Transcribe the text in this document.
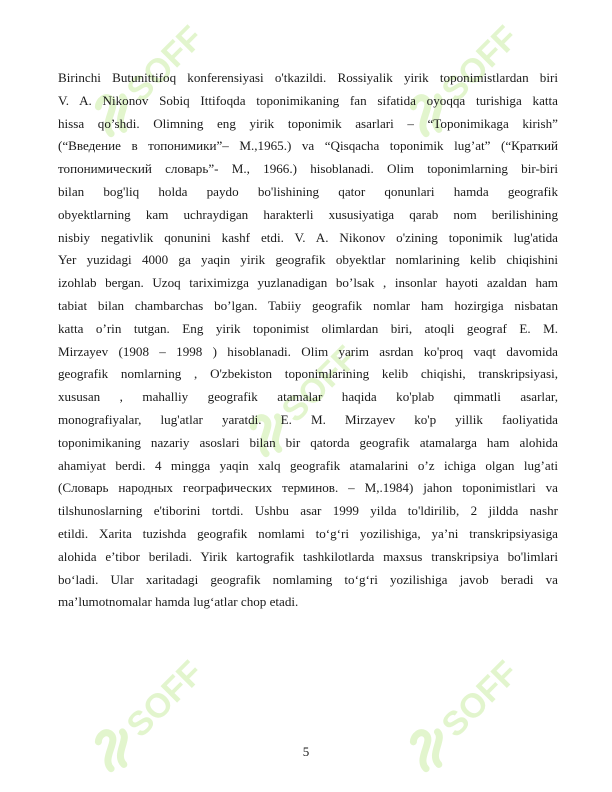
SOFF	SOFF
SOFF
SOFF	SOFF
Birinchi Butunittifoq konferensiyasi o'tkazildi. Rossiyalik yirik toponimistlardan biri
V. A. Nikonov Sobiq Ittifoqda toponimikaning fan sifatida oyoqqa turishiga katta
hissa qo’shdi. Olimning eng yirik toponimik asarlari – “Toponimikaga kirish”
(“Введение в топонимики”– M.,1965.) va “Qisqacha toponimik lug’at” (“Краткий
топонимический словарь”- M., 1966.) hisoblanadi. Olim toponimlarning bir-biri
bilan bog'liq holda paydo bo'lishining qator qonunlari hamda geografik
obyektlarning kam uchraydigan harakterli xususiyatiga qarab nom berilishining
nisbiy negativlik qonunini kashf etdi. V. A. Nikonov o'zining toponimik lug'atida
Yer yuzidagi 4000 ga yaqin yirik geografik obyektlar nomlarining kelib chiqishini
izohlab bergan. Uzoq tariximizga yuzlanadigan bo’lsak , insonlar hayoti azaldan ham
tabiat bilan chambarchas bo’lgan. Tabiiy geografik nomlar ham hozirgiga nisbatan
katta o’rin tutgan. Eng yirik toponimist olimlardan biri, atoqli geograf E. M.
Mirzayev (1908 – 1998 ) hisoblanadi. Olim yarim asrdan ko'proq vaqt davomida
geografik nomlarning , O'zbekiston toponimlarining kelib chiqishi, transkripsiyasi,
xususan , mahalliy geografik atamalar haqida ko'plab qimmatli asarlar,
monografiyalar, lug'atlar yaratdi. E. M. Mirzayev ko'p yillik faoliyatida
toponimikaning nazariy asoslari bilan bir qatorda geografik atamalarga ham alohida
ahamiyat berdi. 4 mingga yaqin xalq geografik atamalarini o’z ichiga olgan lug’ati
(Словарь народных географических терминов. – M,.1984) jahon toponimistlari va
tilshunoslarning e'tiborini tortdi. Ushbu asar 1999 yilda to'ldirilib, 2 jildda nashr
etildi. Xarita tuzishda geografik nomlami to‘g‘ri yozilishiga, ya’ni transkripsiyasiga
alohida e’tibor beriladi. Yirik kartografik tashkilotlarda maxsus transkripsiya bo'limlari
bo‘ladi. Ular xaritadagi geografik nomlaming to‘g‘ri yozilishiga javob beradi va
ma’lumotnomalar hamda lug‘atlar chop etadi.
5
